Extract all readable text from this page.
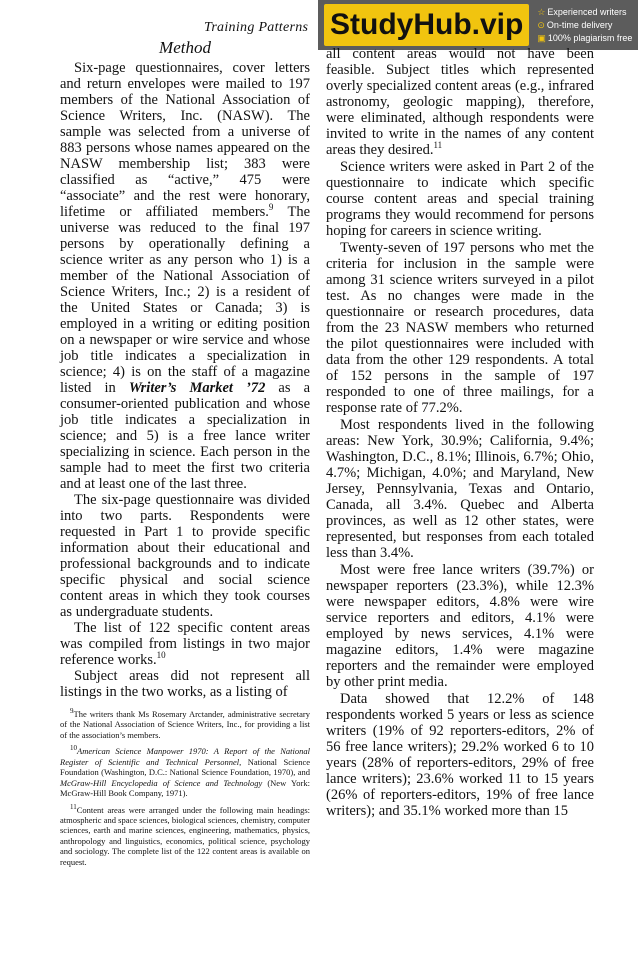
Training Patterns StudyHub.vip	☆ Experienced writers
⊙ On-time delivery
▣ 100% plagiarism free
Method

Six-page questionnaires, cover letters and return envelopes were mailed to 197 members of the National Association of Science Writers, Inc. (NASW). The sample was selected from a universe of 883 persons whose names appeared on the NASW membership list; 383 were classified as “active,” 475 were “associate” and the rest were honorary, lifetime or affiliated members.$^9$ The universe was reduced to the final 197 persons by operationally defining a science writer as any person who 1) is a member of the National Association of Science Writers, Inc.; 2) is a resident of the United States or Canada; 3) is employed in a writing or editing position on a newspaper or wire service and whose job title indicates a specialization in science; 4) is on the staff of a magazine listed in Writer’s Market ’72 as a consumer-oriented publication and whose job title indicates a specialization in science; and 5) is a free lance writer specializing in science. Each person in the sample had to meet the first two criteria and at least one of the last three.

The six-page questionnaire was divided into two parts. Respondents were requested in Part 1 to provide specific information about their educational and professional backgrounds and to indicate specific physical and social science content areas in which they took courses as undergraduate students.

The list of 122 specific content areas was compiled from listings in two major reference works.$^{10}$

Subject areas did not represent all listings in the two works, as a listing of

$^9$The writers thank Ms Rosemary Arctander, administrative secretary of the National Association of Science Writers, Inc., for providing a list of the association’s members.

$^{10}$American Science Manpower 1970: A Report of the National Register of Scientific and Technical Personnel, National Science Foundation (Washington, D.C.: National Science Foundation, 1970), and McGraw-Hill Encyclopedia of Science and Technology (New York: McGraw-Hill Book Company, 1971).

$^{11}$Content areas were arranged under the following main headings: atmospheric and space sciences, biological sciences, chemistry, computer sciences, earth and marine sciences, engineering, mathematics, physics, anthropology and linguistics, economics, political science, psychology and sociology. The complete list of the 122 content areas is available on request.

all content areas would not have been feasible. Subject titles which represented overly specialized content areas (e.g., infrared astronomy, geologic mapping), therefore, were eliminated, although respondents were invited to write in the names of any content areas they desired.$^{11}$

Science writers were asked in Part 2 of the questionnaire to indicate which specific course content areas and special training programs they would recommend for persons hoping for careers in science writing.

Twenty-seven of 197 persons who met the criteria for inclusion in the sample were among 31 science writers surveyed in a pilot test. As no changes were made in the questionnaire or research procedures, data from the 23 NASW members who returned the pilot questionnaires were included with data from the other 129 respondents. A total of 152 persons in the sample of 197 responded to one of three mailings, for a response rate of 77.2%.

Most respondents lived in the following areas: New York, 30.9%; California, 9.4%; Washington, D.C., 8.1%; Illinois, 6.7%; Ohio, 4.7%; Michigan, 4.0%; and Maryland, New Jersey, Pennsylvania, Texas and Ontario, Canada, all 3.4%. Quebec and Alberta provinces, as well as 12 other states, were represented, but responses from each totaled less than 3.4%.

Most were free lance writers (39.7%) or newspaper reporters (23.3%), while 12.3% were newspaper editors, 4.8% were wire service reporters and editors, 4.1% were employed by news services, 4.1% were magazine editors, 1.4% were magazine reporters and the remainder were employed by other print media.

Data showed that 12.2% of 148 respondents worked 5 years or less as science writers (19% of 92 reporters-editors, 2% of 56 free lance writers); 29.2% worked 6 to 10 years (28% of reporters-editors, 29% of free lance writers); 23.6% worked 11 to 15 years (26% of reporters-editors, 19% of free lance writers); and 35.1% worked more than 15
